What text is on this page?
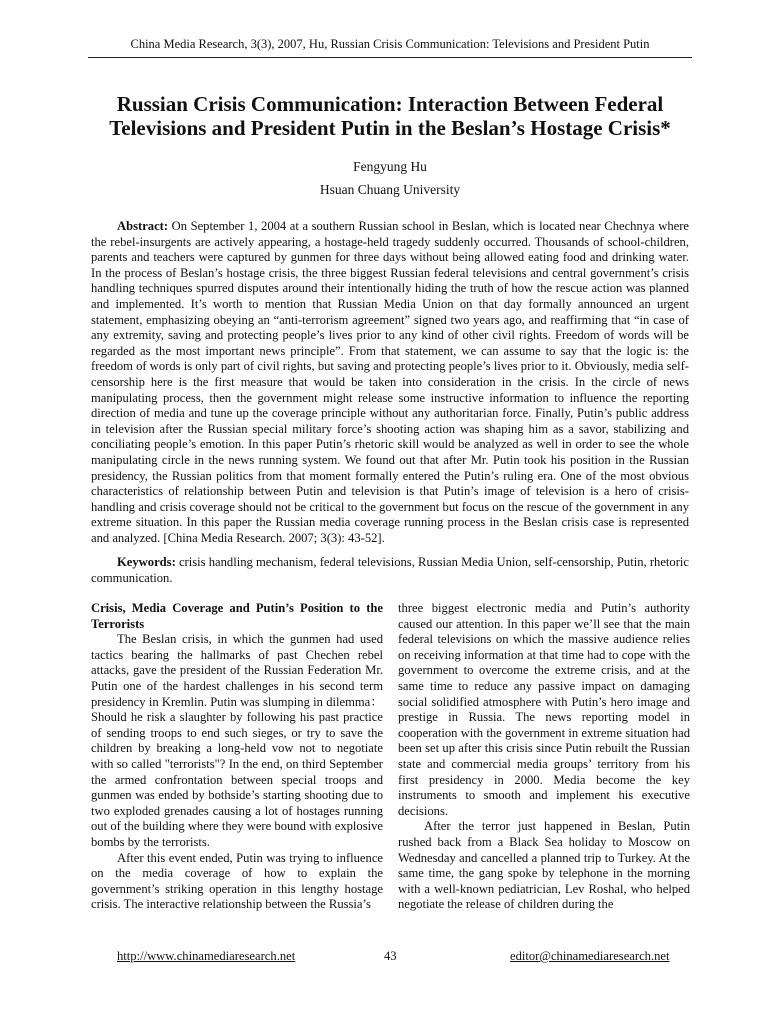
China Media Research, 3(3), 2007, Hu, Russian Crisis Communication: Televisions and President Putin
Russian Crisis Communication: Interaction Between Federal Televisions and President Putin in the Beslan’s Hostage Crisis*
Fengyung Hu
Hsuan Chuang University

Abstract: On September 1, 2004 at a southern Russian school in Beslan, which is located near Chechnya where the rebel-insurgents are actively appearing, a hostage-held tragedy suddenly occurred. Thousands of school-children, parents and teachers were captured by gunmen for three days without being allowed eating food and drinking water. In the process of Beslan’s hostage crisis, the three biggest Russian federal televisions and central government’s crisis handling techniques spurred disputes around their intentionally hiding the truth of how the rescue action was planned and implemented. It’s worth to mention that Russian Media Union on that day formally announced an urgent statement, emphasizing obeying an “anti-terrorism agreement” signed two years ago, and reaffirming that “in case of any extremity, saving and protecting people’s lives prior to any kind of other civil rights. Freedom of words will be regarded as the most important news principle”. From that statement, we can assume to say that the logic is: the freedom of words is only part of civil rights, but saving and protecting people’s lives prior to it. Obviously, media self-censorship here is the first measure that would be taken into consideration in the crisis. In the circle of news manipulating process, then the government might release some instructive information to influence the reporting direction of media and tune up the coverage principle without any authoritarian force. Finally, Putin’s public address in television after the Russian special military force’s shooting action was shaping him as a savor, stabilizing and conciliating people’s emotion. In this paper Putin’s rhetoric skill would be analyzed as well in order to see the whole manipulating circle in the news running system. We found out that after Mr. Putin took his position in the Russian presidency, the Russian politics from that moment formally entered the Putin’s ruling era. One of the most obvious characteristics of relationship between Putin and television is that Putin’s image of television is a hero of crisis-handling and crisis coverage should not be critical to the government but focus on the rescue of the government in any extreme situation. In this paper the Russian media coverage running process in the Beslan crisis case is represented and analyzed. [China Media Research. 2007; 3(3): 43-52].

Keywords: crisis handling mechanism, federal televisions, Russian Media Union, self-censorship, Putin, rhetoric communication.

Crisis, Media Coverage and Putin’s Position to the Terrorists

The Beslan crisis, in which the gunmen had used tactics bearing the hallmarks of past Chechen rebel attacks, gave the president of the Russian Federation Mr. Putin one of the hardest challenges in his second term presidency in Kremlin. Putin was slumping in dilemma：Should he risk a slaughter by following his past practice of sending troops to end such sieges, or try to save the children by breaking a long-held vow not to negotiate with so called "terrorists"? In the end, on third September the armed confrontation between special troops and gunmen was ended by bothside’s starting shooting due to two exploded grenades causing a lot of hostages running out of the building where they were bound with explosive bombs by the terrorists.

After this event ended, Putin was trying to influence on the media coverage of how to explain the government’s striking operation in this lengthy hostage crisis. The interactive relationship between the Russia’s

three biggest electronic media and Putin’s authority caused our attention. In this paper we’ll see that the main federal televisions on which the massive audience relies on receiving information at that time had to cope with the government to overcome the extreme crisis, and at the same time to reduce any passive impact on damaging social solidified atmosphere with Putin’s hero image and prestige in Russia. The news reporting model in cooperation with the government in extreme situation had been set up after this crisis since Putin rebuilt the Russian state and commercial media groups’ territory from his first presidency in 2000. Media become the key instruments to smooth and implement his executive decisions.

After the terror just happened in Beslan, Putin rushed back from a Black Sea holiday to Moscow on Wednesday and cancelled a planned trip to Turkey. At the same time, the gang spoke by telephone in the morning with a well-known pediatrician, Lev Roshal, who helped negotiate the release of children during the

http://www.chinamediaresearch.net	43	editor@chinamediaresearch.net
